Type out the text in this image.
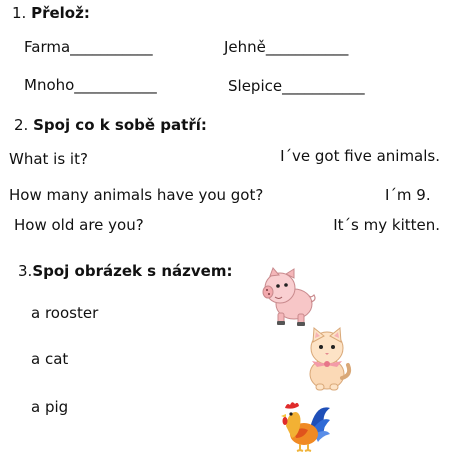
1. Přelož:
Farma___________	Jehně___________
Mnoho___________	Slepice___________
2. Spoj co k sobě patří:
What is it?
How many animals have you got?
How old are you?
I´ve got five animals.
I´m 9.
It´s my kitten.
3.Spoj obrázek s názvem:
a rooster
a cat
a pig
